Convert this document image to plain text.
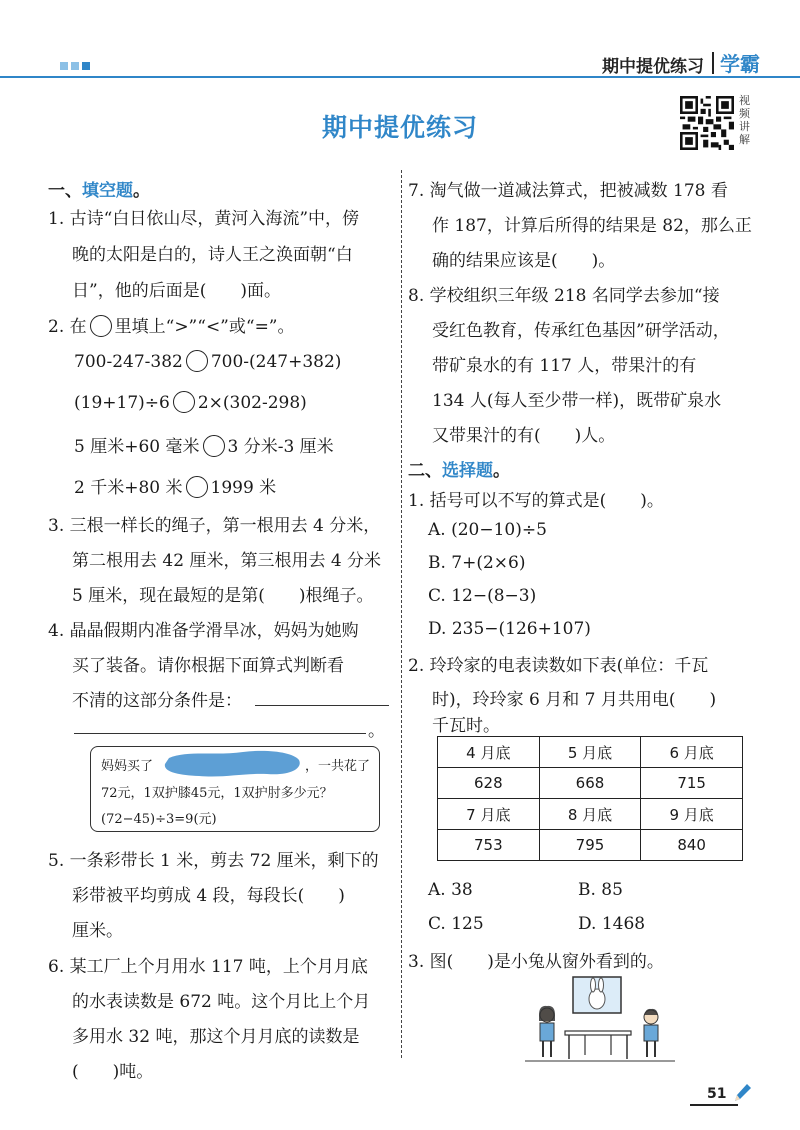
期中提优练习 学霸
期中提优练习
视
频
讲
解
一、填空题。
1. 古诗“白日依山尽，黄河入海流”中，傍
晚的太阳是白的，诗人王之涣面朝“白
日”，他的后面是(　　)面。
2. 在 里填上“>”“<”或“=”。
700-247-382 700-(247+382)
(19+17)÷6 2×(302-298)
5 厘米+60 毫米 3 分米-3 厘米
2 千米+80 米 1999 米
3. 三根一样长的绳子，第一根用去 4 分米，
第二根用去 42 厘米，第三根用去 4 分米
5 厘米，现在最短的是第(　　)根绳子。
4. 晶晶假期内准备学滑旱冰，妈妈为她购
买了装备。请你根据下面算式判断看
不清的这部分条件是：
。
妈妈买了	，一共花了
72元，1双护膝45元，1双护肘多少元？
(72−45)÷3=9(元)
5. 一条彩带长 1 米，剪去 72 厘米，剩下的
彩带被平均剪成 4 段，每段长(　　)
厘米。
6. 某工厂上个月用水 117 吨，上个月月底
的水表读数是 672 吨。这个月比上个月
多用水 32 吨，那这个月月底的读数是
(　　)吨。
7. 淘气做一道减法算式，把被减数 178 看
作 187，计算后所得的结果是 82，那么正
确的结果应该是(　　)。
8. 学校组织三年级 218 名同学去参加“接
受红色教育，传承红色基因”研学活动，
带矿泉水的有 117 人，带果汁的有
134 人(每人至少带一样)，既带矿泉水
又带果汁的有(　　)人。
二、选择题。
1. 括号可以不写的算式是(　　)。
A. (20−10)÷5
B. 7+(2×6)
C. 12−(8−3)
D. 235−(126+107)
2. 玲玲家的电表读数如下表(单位：千瓦
时)，玲玲家 6 月和 7 月共用电(　　)
千瓦时。
4 月底	5 月底	6 月底
628	668	715
7 月底	8 月底	9 月底
753	795	840
A. 38	B. 85
C. 125	D. 1468
3. 图(　　)是小兔从窗外看到的。
51
